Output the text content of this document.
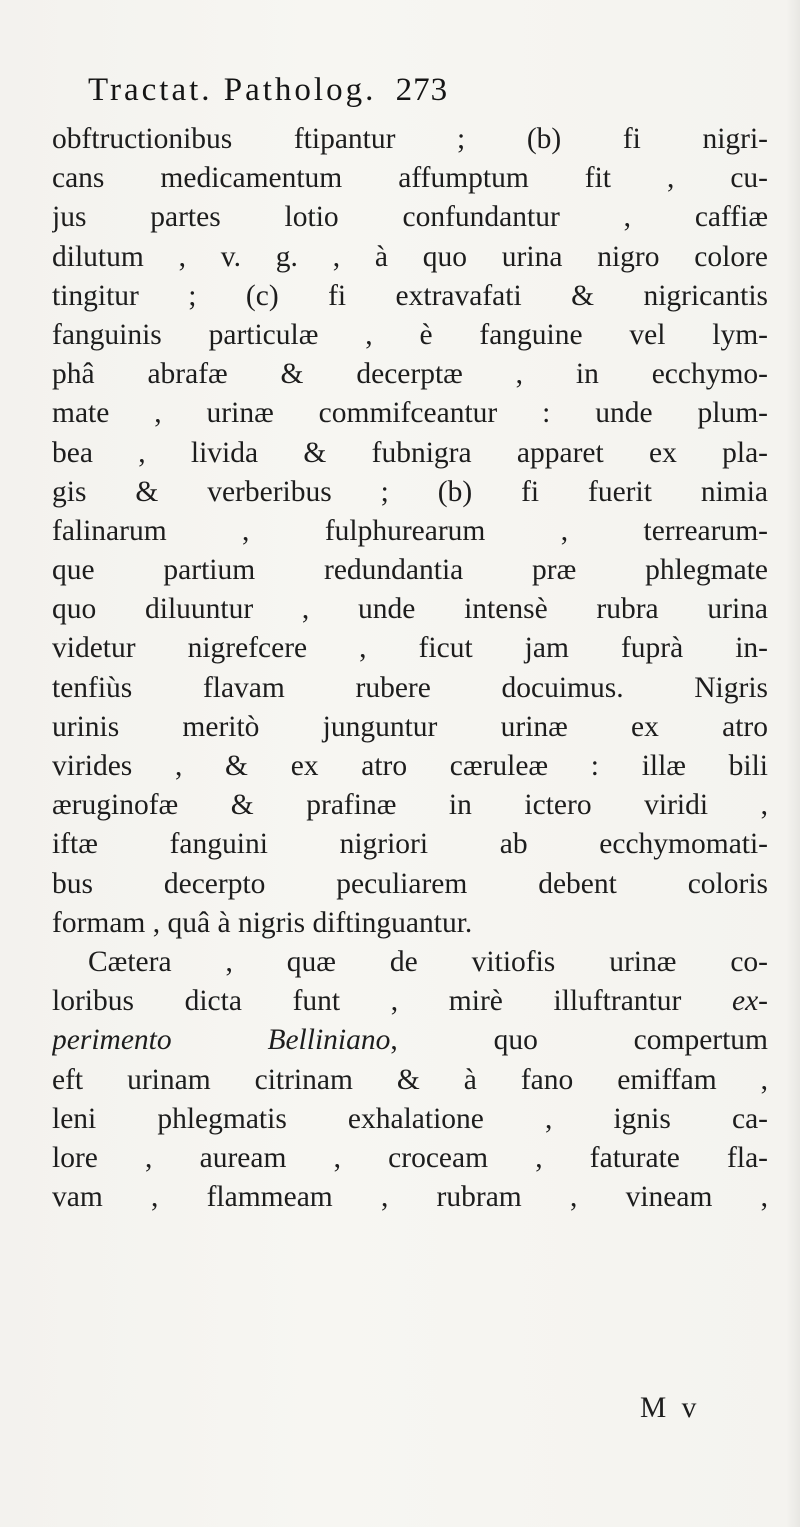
Tractat. Patholog. 273
obftructionibus ftipantur ; (b) fi nigri-
cans medicamentum affumptum fit , cu-
jus partes lotio confundantur , caffiæ
dilutum , v. g. , à quo urina nigro colore
tingitur ; (c) fi extravafati & nigricantis
fanguinis particulæ , è fanguine vel lym-
phâ abrafæ & decerptæ , in ecchymo-
mate , urinæ commifceantur : unde plum-
bea , livida & fubnigra apparet ex pla-
gis & verberibus ; (b) fi fuerit nimia
falinarum , fulphurearum , terrearum-
que partium redundantia præ phlegmate
quo diluuntur , unde intensè rubra urina
videtur nigrefcere , ficut jam fuprà in-
tenfiùs flavam rubere docuimus. Nigris
urinis meritò junguntur urinæ ex atro
virides , & ex atro cæruleæ : illæ bili
æruginofæ & prafinæ in ictero viridi ,
iftæ fanguini nigriori ab ecchymomati-
bus decerpto peculiarem debent coloris
formam , quâ à nigris diftinguantur.
Cætera , quæ de vitiofis urinæ co-
loribus dicta funt , mirè illuftrantur ex-
perimento Belliniano, quo compertum
eft urinam citrinam & à fano emiffam ,
leni phlegmatis exhalatione , ignis ca-
lore , auream , croceam , faturate fla-
vam , flammeam , rubram , vineam ,
M v
